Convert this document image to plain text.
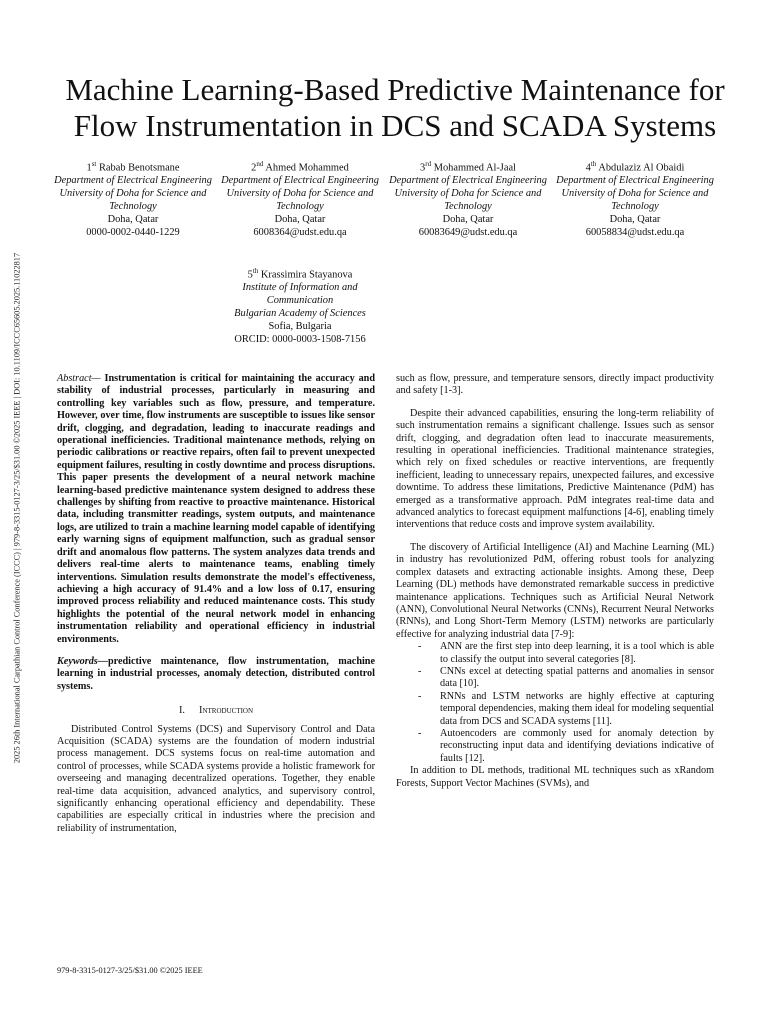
2025 26th International Carpathian Control Conference (ICCC) | 979-8-3315-0127-3/25/$31.00 ©2025 IEEE | DOI: 10.1109/ICCC65605.2025.11022817
Machine Learning-Based Predictive Maintenance for Flow Instrumentation in DCS and SCADA Systems
1st Rabab Benotsmane
Department of Electrical Engineering
University of Doha for Science and Technology
Doha, Qatar
0000-0002-0440-1229
2nd Ahmed Mohammed
Department of Electrical Engineering
University of Doha for Science and Technology
Doha, Qatar
6008364@udst.edu.qa
3rd Mohammed Al-Jaal
Department of Electrical Engineering
University of Doha for Science and Technology
Doha, Qatar
60083649@udst.edu.qa
4th Abdulaziz Al Obaidi
Department of Electrical Engineering
University of Doha for Science and Technology
Doha, Qatar
60058834@udst.edu.qa
5th Krassimira Stayanova
Institute of Information and Communication
Bulgarian Academy of Sciences
Sofia, Bulgaria
ORCID: 0000-0003-1508-7156

Abstract— Instrumentation is critical for maintaining the accuracy and stability of industrial processes, particularly in measuring and controlling key variables such as flow, pressure, and temperature. However, over time, flow instruments are susceptible to issues like sensor drift, clogging, and degradation, leading to inaccurate readings and operational inefficiencies. Traditional maintenance methods, relying on periodic calibrations or reactive repairs, often fail to prevent unexpected equipment failures, resulting in costly downtime and process disruptions. This paper presents the development of a neural network machine learning-based predictive maintenance system designed to address these challenges by shifting from reactive to proactive maintenance. Historical data, including transmitter readings, system outputs, and maintenance logs, are utilized to train a machine learning model capable of identifying early warning signs of equipment malfunction, such as gradual sensor drift and anomalous flow patterns. The system analyzes data trends and delivers real-time alerts to maintenance teams, enabling timely interventions. Simulation results demonstrate the model's effectiveness, achieving a high accuracy of 91.4% and a low loss of 0.17, ensuring improved process reliability and reduced maintenance costs. This study highlights the potential of the neural network model in enhancing instrumentation reliability and operational efficiency in industrial environments.

Keywords—predictive maintenance, flow instrumentation, machine learning in industrial processes, anomaly detection, distributed control systems.

I. Introduction

Distributed Control Systems (DCS) and Supervisory Control and Data Acquisition (SCADA) systems are the foundation of modern industrial process management. DCS systems focus on real-time automation and control of processes, while SCADA systems provide a holistic framework for overseeing and managing decentralized operations. Together, they enable real-time data acquisition, advanced analytics, and supervisory control, significantly enhancing operational efficiency and dependability. These capabilities are especially critical in industries where the precision and reliability of instrumentation,

such as flow, pressure, and temperature sensors, directly impact productivity and safety [1-3].

Despite their advanced capabilities, ensuring the long-term reliability of such instrumentation remains a significant challenge. Issues such as sensor drift, clogging, and degradation often lead to inaccurate measurements, resulting in operational inefficiencies. Traditional maintenance strategies, which rely on fixed schedules or reactive interventions, are frequently inefficient, leading to unnecessary repairs, unexpected failures, and excessive downtime. To address these limitations, Predictive Maintenance (PdM) has emerged as a transformative approach. PdM integrates real-time data and advanced analytics to forecast equipment malfunctions [4-6], enabling timely interventions that reduce costs and improve system availability.

The discovery of Artificial Intelligence (AI) and Machine Learning (ML) in industry has revolutionized PdM, offering robust tools for analyzing complex datasets and extracting actionable insights. Among these, Deep Learning (DL) methods have demonstrated remarkable success in predictive maintenance applications. Techniques such as Artificial Neural Network (ANN), Convolutional Neural Networks (CNNs), Recurrent Neural Networks (RNNs), and Long Short-Term Memory (LSTM) networks are particularly effective for analyzing industrial data [7-9]:

- ANN are the first step into deep learning, it is a tool which is able to classify the output into several categories [8].
- CNNs excel at detecting spatial patterns and anomalies in sensor data [10].
- RNNs and LSTM networks are highly effective at capturing temporal dependencies, making them ideal for modeling sequential data from DCS and SCADA systems [11].
- Autoencoders are commonly used for anomaly detection by reconstructing input data and identifying deviations indicative of faults [12].

In addition to DL methods, traditional ML techniques such as xRandom Forests, Support Vector Machines (SVMs), and

979-8-3315-0127-3/25/$31.00 ©2025 IEEE
